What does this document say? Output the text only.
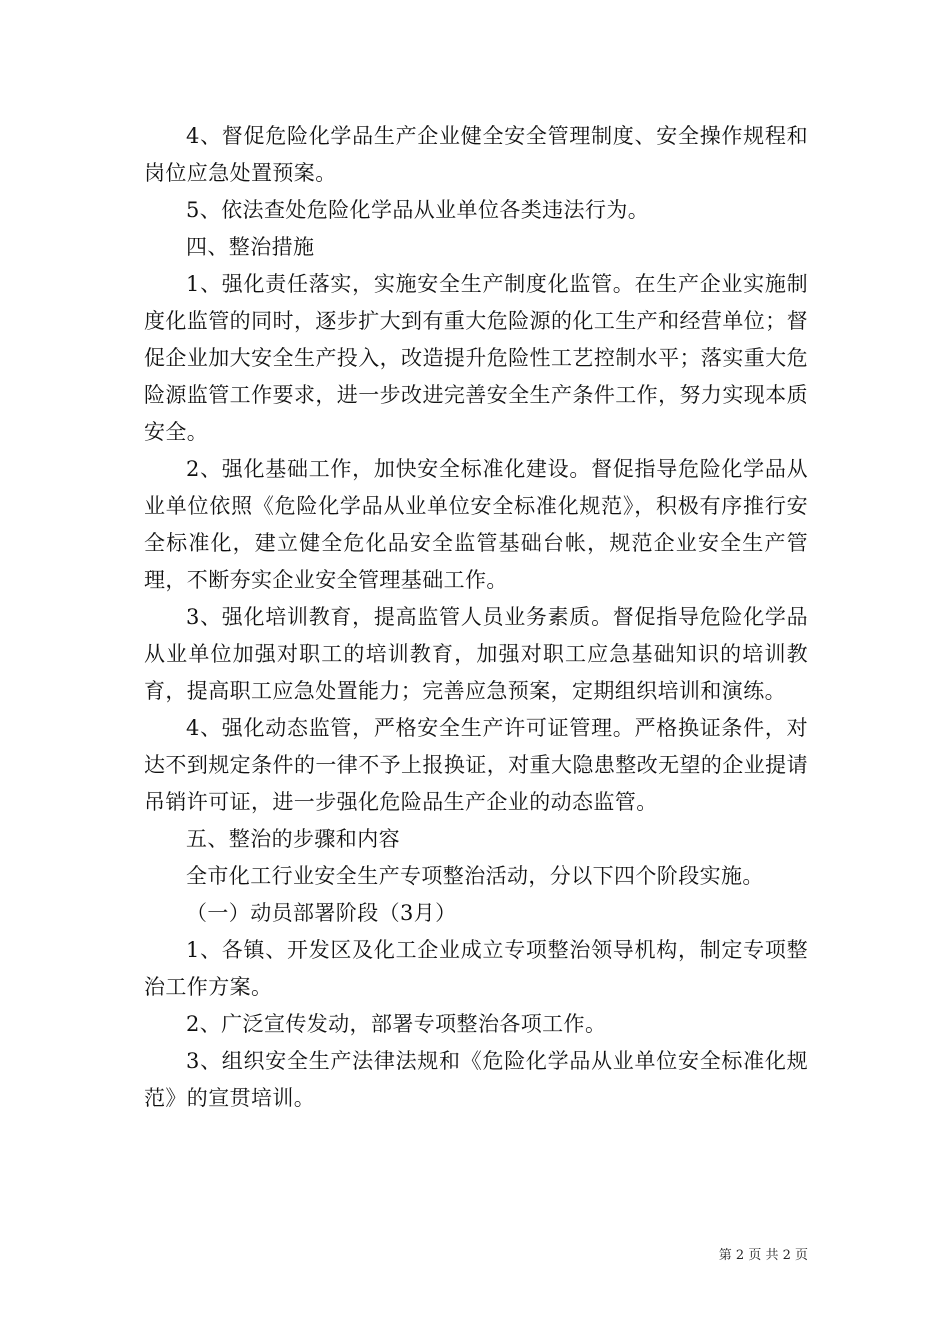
4、督促危险化学品生产企业健全安全管理制度、安全操作规程和岗位应急处置预案。

5、依法查处危险化学品从业单位各类违法行为。

四、整治措施

1、强化责任落实，实施安全生产制度化监管。在生产企业实施制度化监管的同时，逐步扩大到有重大危险源的化工生产和经营单位；督促企业加大安全生产投入，改造提升危险性工艺控制水平；落实重大危险源监管工作要求，进一步改进完善安全生产条件工作，努力实现本质安全。

2、强化基础工作，加快安全标准化建设。督促指导危险化学品从业单位依照《危险化学品从业单位安全标准化规范》，积极有序推行安全标准化，建立健全危化品安全监管基础台帐，规范企业安全生产管理，不断夯实企业安全管理基础工作。

3、强化培训教育，提高监管人员业务素质。督促指导危险化学品从业单位加强对职工的培训教育，加强对职工应急基础知识的培训教育，提高职工应急处置能力；完善应急预案，定期组织培训和演练。

4、强化动态监管，严格安全生产许可证管理。严格换证条件，对达不到规定条件的一律不予上报换证，对重大隐患整改无望的企业提请吊销许可证，进一步强化危险品生产企业的动态监管。

五、整治的步骤和内容

全市化工行业安全生产专项整治活动，分以下四个阶段实施。

（一）动员部署阶段（3月）

1、各镇、开发区及化工企业成立专项整治领导机构，制定专项整治工作方案。

2、广泛宣传发动，部署专项整治各项工作。

3、组织安全生产法律法规和《危险化学品从业单位安全标准化规范》的宣贯培训。

第 2 页 共 2 页
